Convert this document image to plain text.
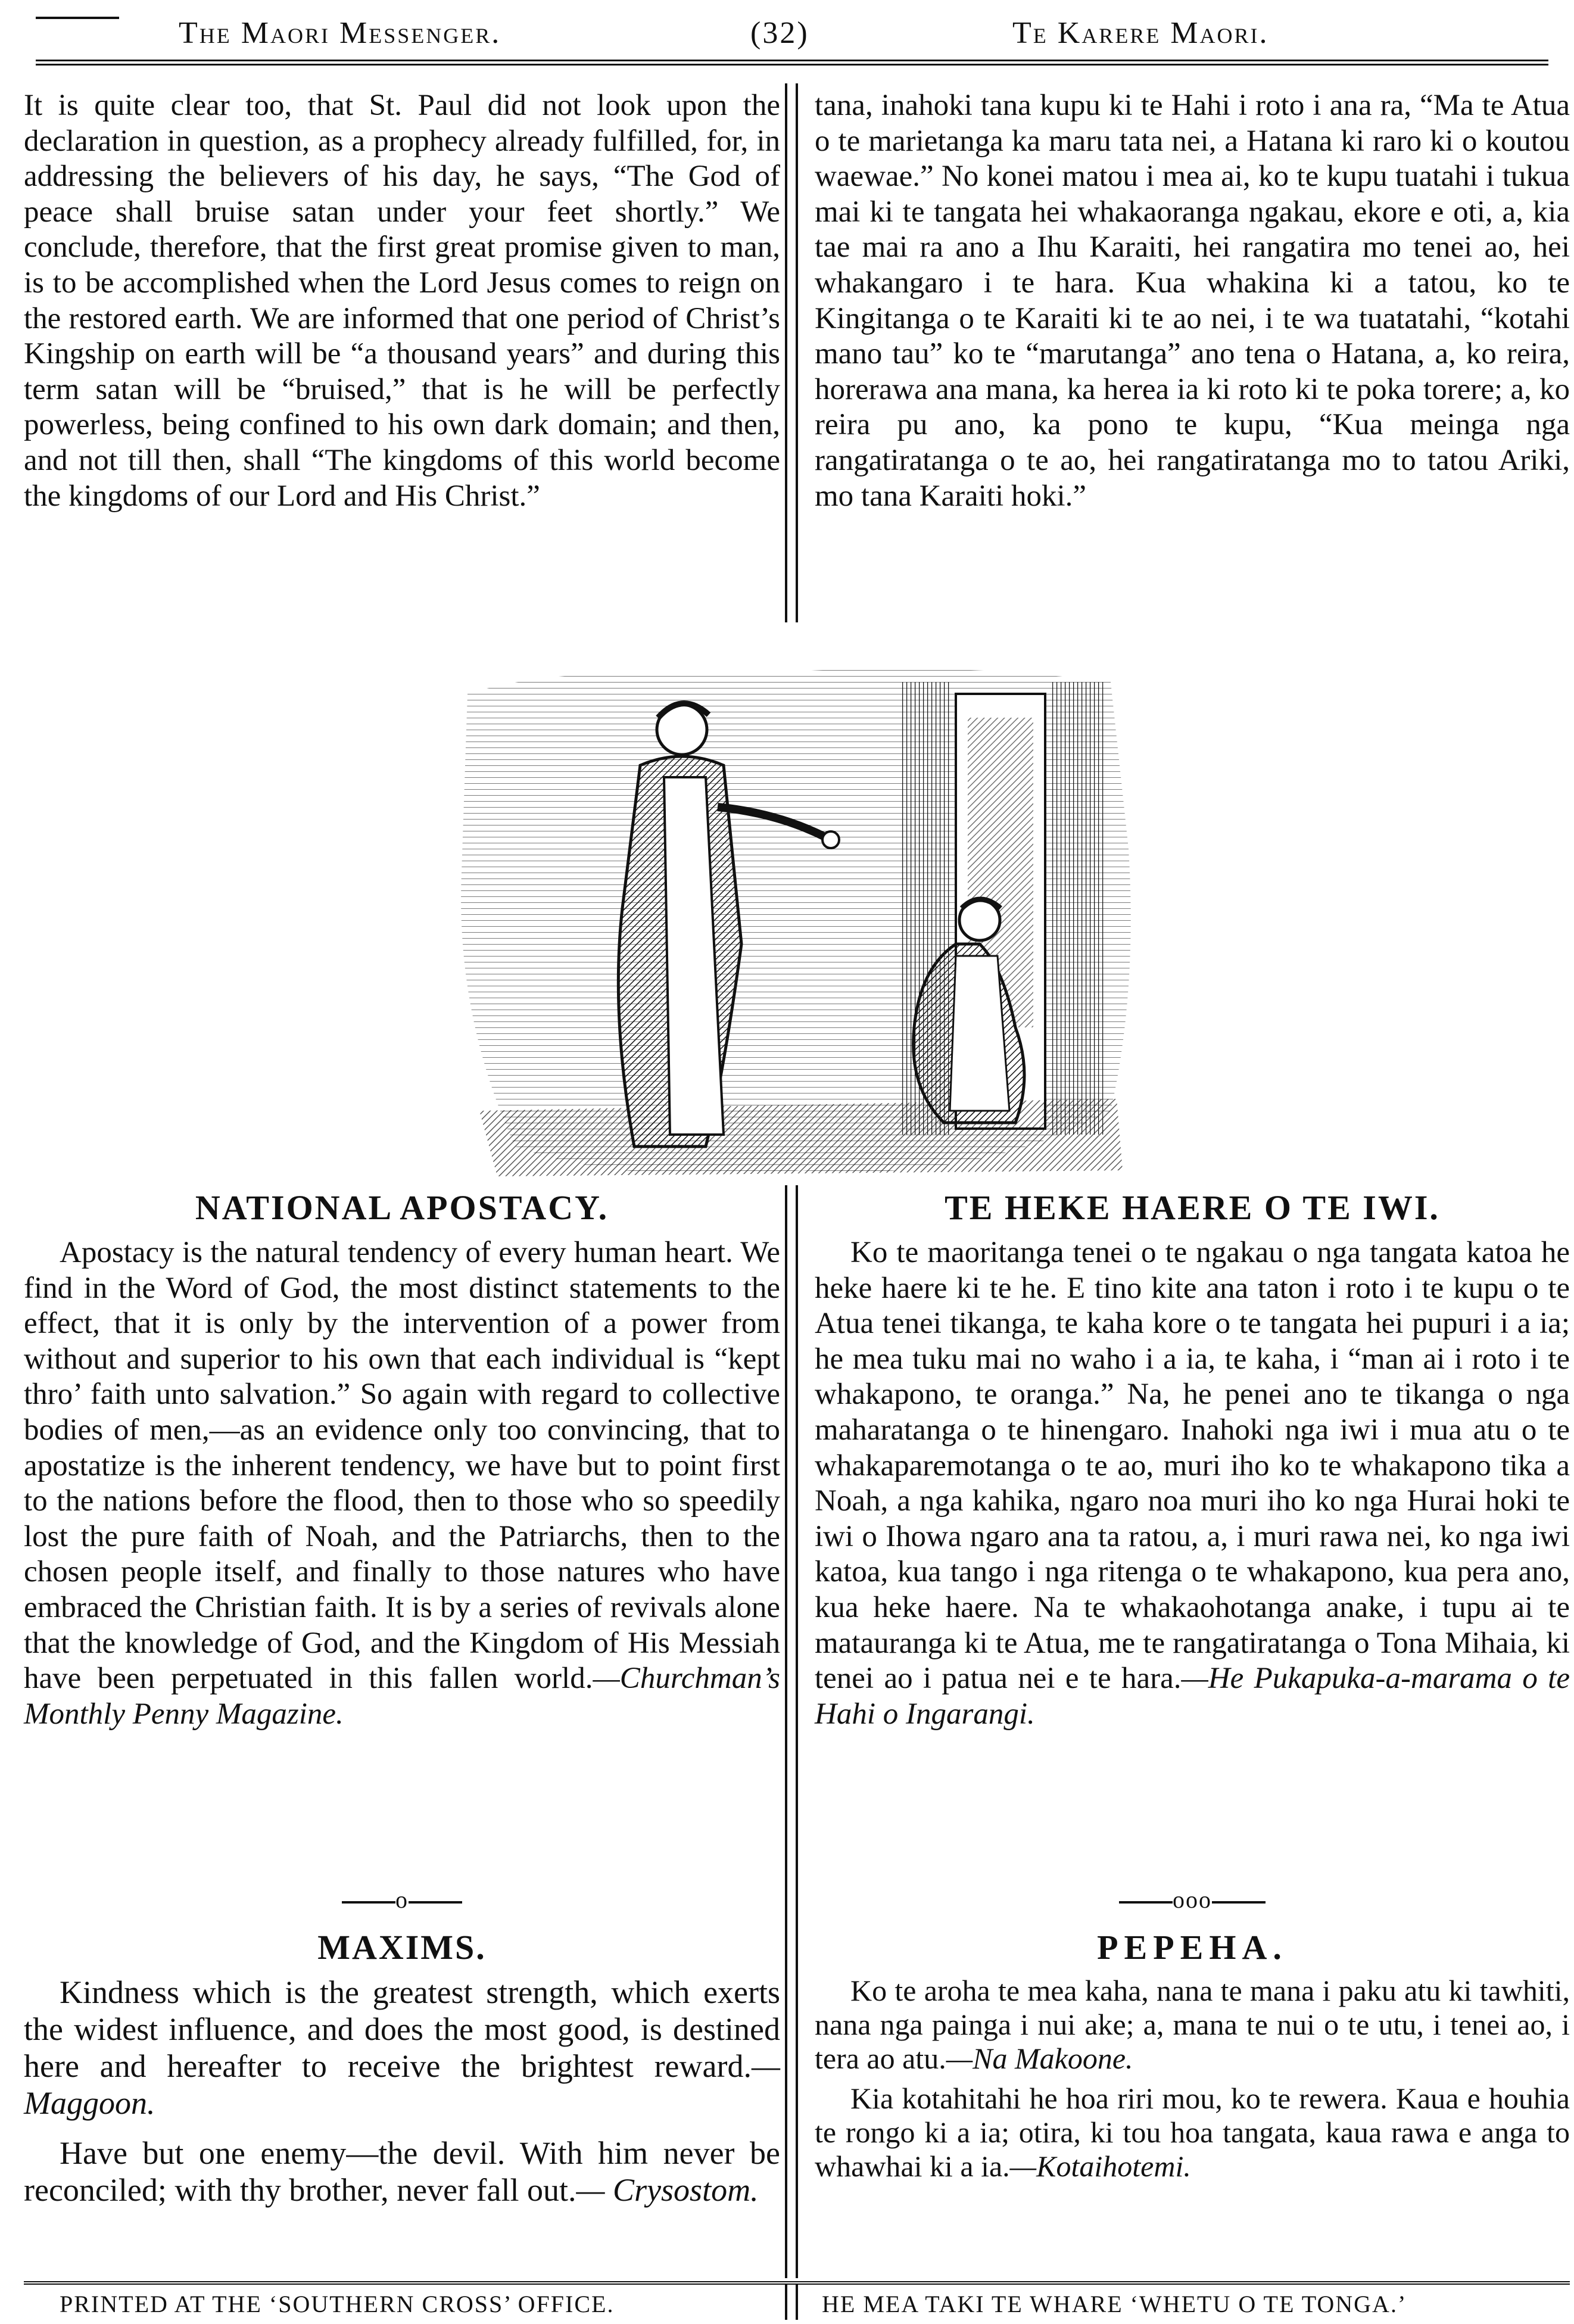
The Maori Messenger.	(32)	Te Karere Maori.

It is quite clear too, that St. Paul did not look upon the declaration in question, as a prophecy already fulfilled, for, in addressing the believers of his day, he says, “The God of peace shall bruise satan under your feet shortly.” We conclude, therefore, that the first great promise given to man, is to be accomplished when the Lord Jesus comes to reign on the restored earth. We are informed that one period of Christ’s Kingship on earth will be “a thousand years” and during this term satan will be “bruised,” that is he will be perfectly powerless, being confined to his own dark domain; and then, and not till then, shall “The kingdoms of this world become the kingdoms of our Lord and His Christ.”

tana, inahoki tana kupu ki te Hahi i roto i ana ra, “Ma te Atua o te marietanga ka maru tata nei, a Hatana ki raro ki o koutou waewae.” No konei matou i mea ai, ko te kupu tuatahi i tukua mai ki te tangata hei whakaoranga ngakau, ekore e oti, a, kia tae mai ra ano a Ihu Karaiti, hei rangatira mo tenei ao, hei whakangaro i te hara. Kua whakina ki a tatou, ko te Kingitanga o te Karaiti ki te ao nei, i te wa tuatatahi, “kotahi mano tau” ko te “marutanga” ano tena o Hatana, a, ko reira, horerawa ana mana, ka herea ia ki roto ki te poka torere; a, ko reira pu ano, ka pono te kupu, “Kua meinga nga rangatiratanga o te ao, hei rangatiratanga mo to tatou Ariki, mo tana Karaiti hoki.”

NATIONAL APOSTACY.

Apostacy is the natural tendency of every human heart. We find in the Word of God, the most distinct statements to the effect, that it is only by the intervention of a power from without and superior to his own that each individual is “kept thro’ faith unto salvation.” So again with regard to collective bodies of men,—as an evidence only too convincing, that to apostatize is the inherent tendency, we have but to point first to the nations before the flood, then to those who so speedily lost the pure faith of Noah, and the Patriarchs, then to the chosen people itself, and finally to those natures who have embraced the Christian faith. It is by a series of revivals alone that the knowledge of God, and the Kingdom of His Messiah have been perpetuated in this fallen world.—Churchman’s Monthly Penny Magazine.

TE HEKE HAERE O TE IWI.

Ko te maoritanga tenei o te ngakau o nga tangata katoa he heke haere ki te he. E tino kite ana taton i roto i te kupu o te Atua tenei tikanga, te kaha kore o te tangata hei pupuri i a ia; he mea tuku mai no waho i a ia, te kaha, i “man ai i roto i te whakapono, te oranga.” Na, he penei ano te tikanga o nga maharatanga o te hinengaro. Inahoki nga iwi i mua atu o te whakaparemotanga o te ao, muri iho ko te whakapono tika a Noah, a nga kahika, ngaro noa muri iho ko nga Hurai hoki te iwi o Ihowa ngaro ana ta ratou, a, i muri rawa nei, ko nga iwi katoa, kua tango i nga ritenga o te whakapono, kua pera ano, kua heke haere. Na te whakaohotanga anake, i tupu ai te matauranga ki te Atua, me te rangatiratanga o Tona Mihaia, ki tenei ao i patua nei e te hara.—He Pukapuka-a-marama o te Hahi o Ingarangi.

o	ooo
MAXIMS.

Kindness which is the greatest strength, which exerts the widest influence, and does the most good, is destined here and hereafter to receive the brightest reward.—Maggoon.

Have but one enemy—the devil. With him never be reconciled; with thy brother, never fall out.— Crysostom.

PEPEHA.

Ko te aroha te mea kaha, nana te mana i paku atu ki tawhiti, nana nga painga i nui ake; a, mana te nui o te utu, i tenei ao, i tera ao atu.—Na Makoone.

Kia kotahitahi he hoa riri mou, ko te rewera. Kaua e houhia te rongo ki a ia; otira, ki tou hoa tangata, kaua rawa e anga to whawhai ki a ia.—Kotaihotemi.

PRINTED AT THE ‘SOUTHERN CROSS’ OFFICE.	HE MEA TAKI TE WHARE ‘WHETU O TE TONGA.’
